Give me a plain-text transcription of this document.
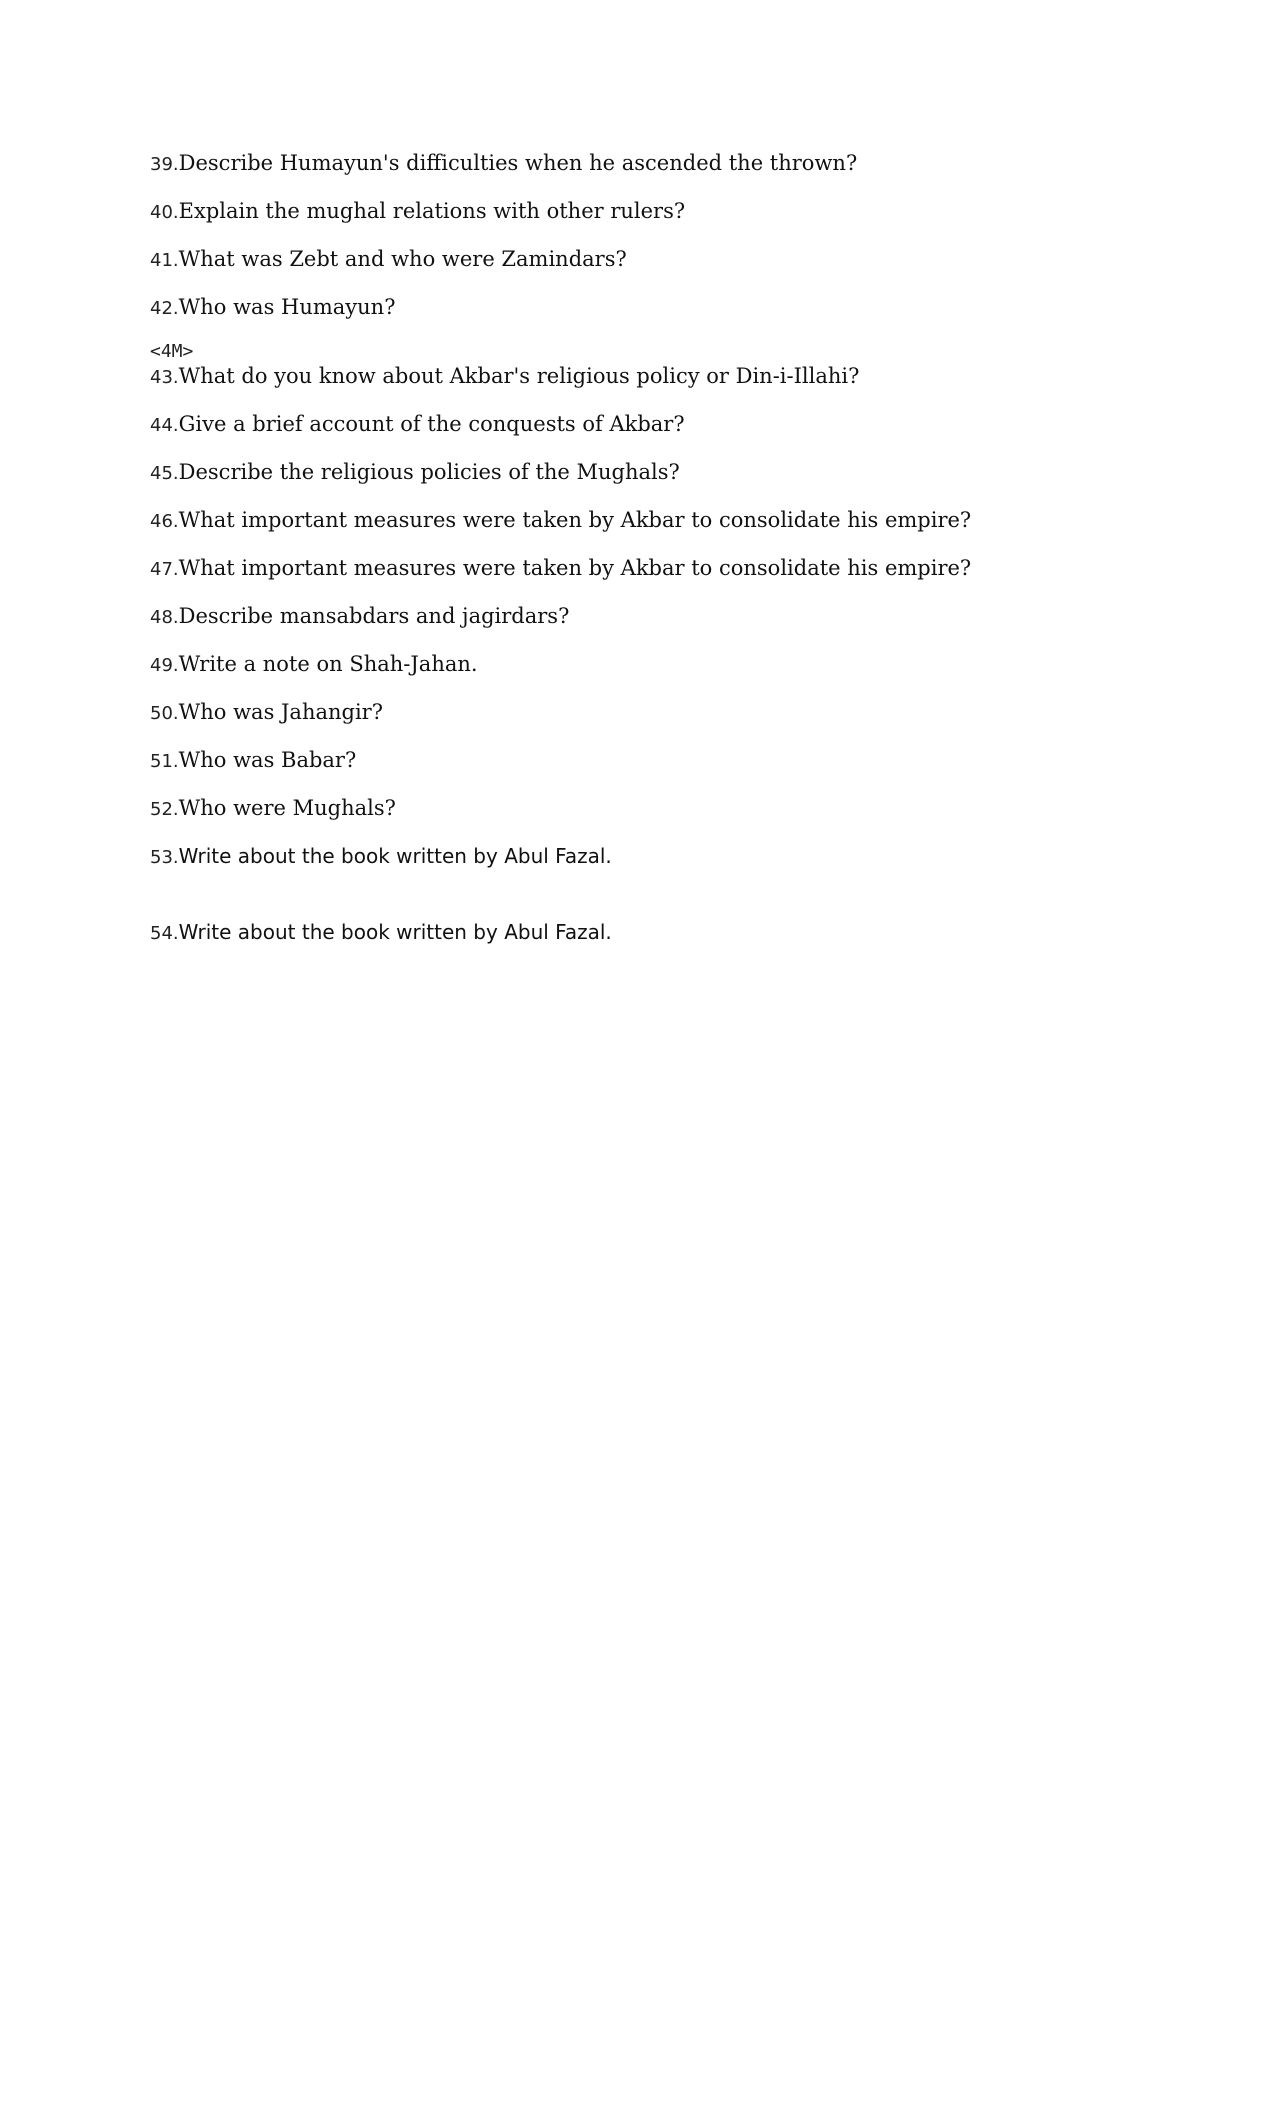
39.Describe Humayun's difficulties when he ascended the thrown?
40.Explain the mughal relations with other rulers?
41.What was Zebt and who were Zamindars?
42.Who was Humayun?
<4M>
43.What do you know about Akbar's religious policy or Din-i-Illahi?
44.Give a brief account of the conquests of Akbar?
45.Describe the religious policies of the Mughals?
46.What important measures were taken by Akbar to consolidate his empire?
47.What important measures were taken by Akbar to consolidate his empire?
48.Describe mansabdars and jagirdars?
49.Write a note on Shah-Jahan.
50.Who was Jahangir?
51.Who was Babar?
52.Who were Mughals?
53.Write about the book written by Abul Fazal.
54.Write about the book written by Abul Fazal.
